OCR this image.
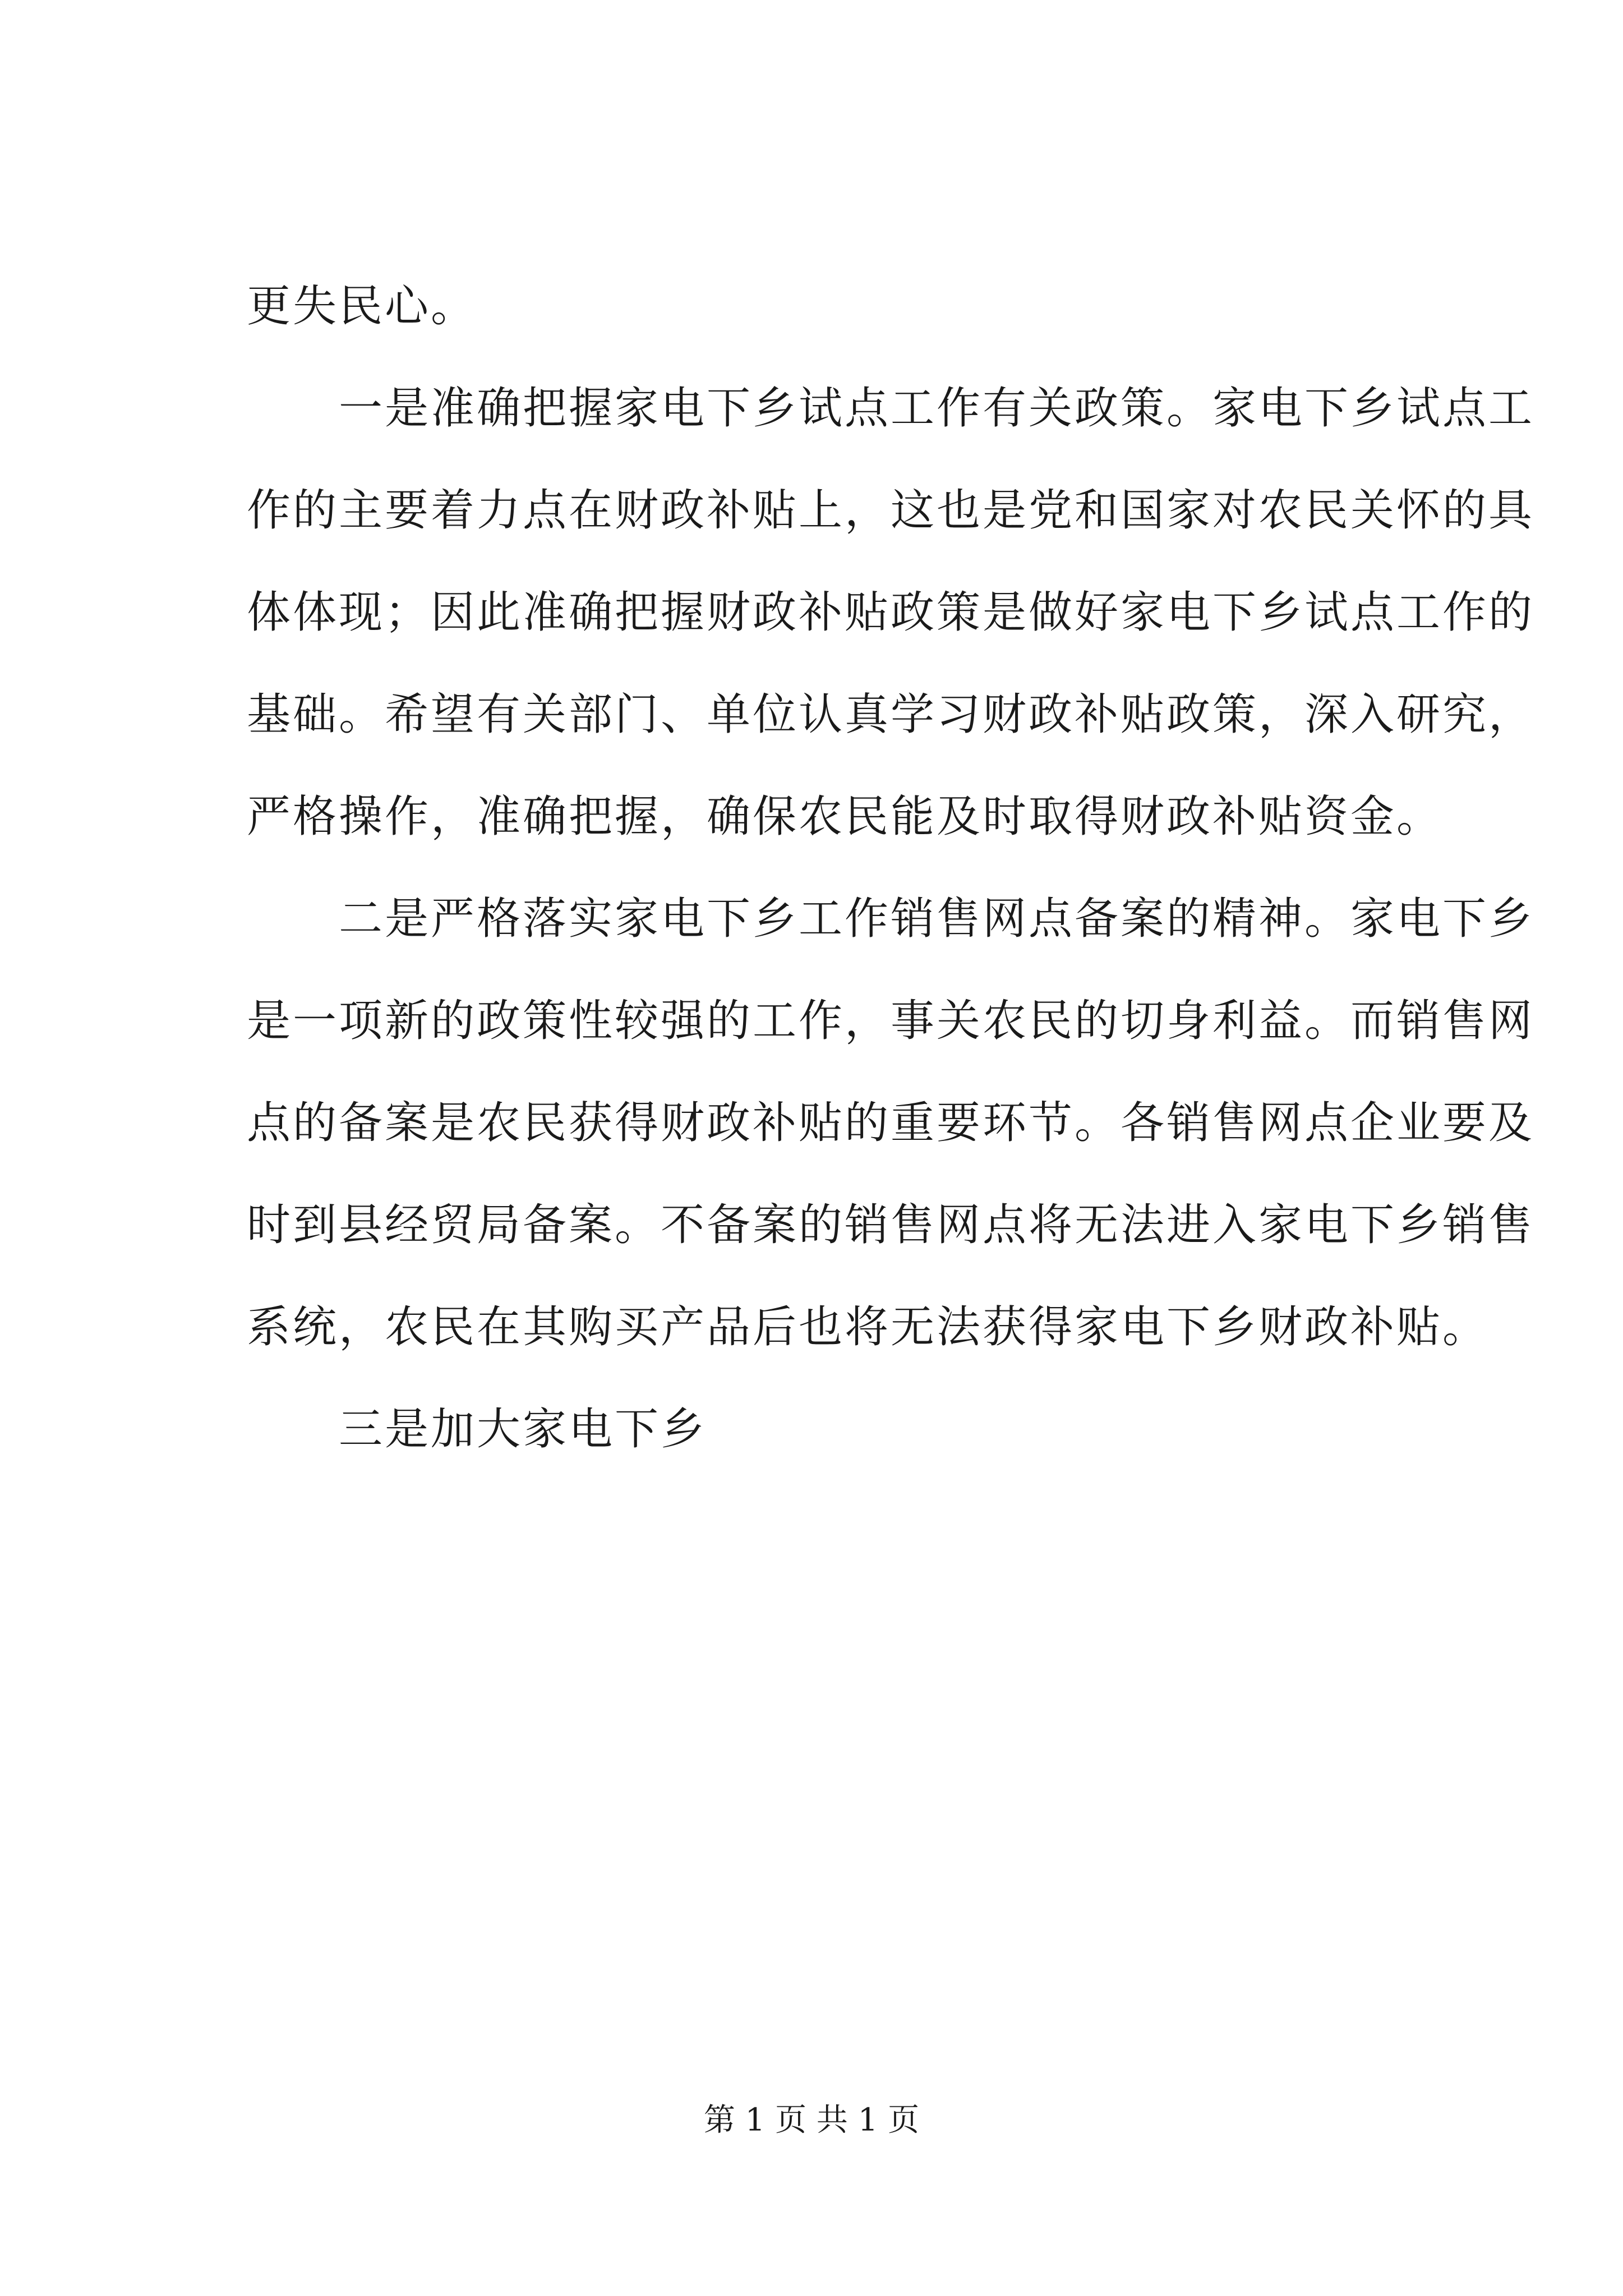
更失民心。
　　一是准确把握家电下乡试点工作有关政策。家电下乡试点工
作的主要着力点在财政补贴上，这也是党和国家对农民关怀的具
体体现；因此准确把握财政补贴政策是做好家电下乡试点工作的
基础。希望有关部门、单位认真学习财政补贴政策，深入研究，
严格操作，准确把握，确保农民能及时取得财政补贴资金。
　　二是严格落实家电下乡工作销售网点备案的精神。家电下乡
是一项新的政策性较强的工作，事关农民的切身利益。而销售网
点的备案是农民获得财政补贴的重要环节。各销售网点企业要及
时到县经贸局备案。不备案的销售网点将无法进入家电下乡销售
系统，农民在其购买产品后也将无法获得家电下乡财政补贴。
　　三是加大家电下乡
第 1 页 共 1 页
